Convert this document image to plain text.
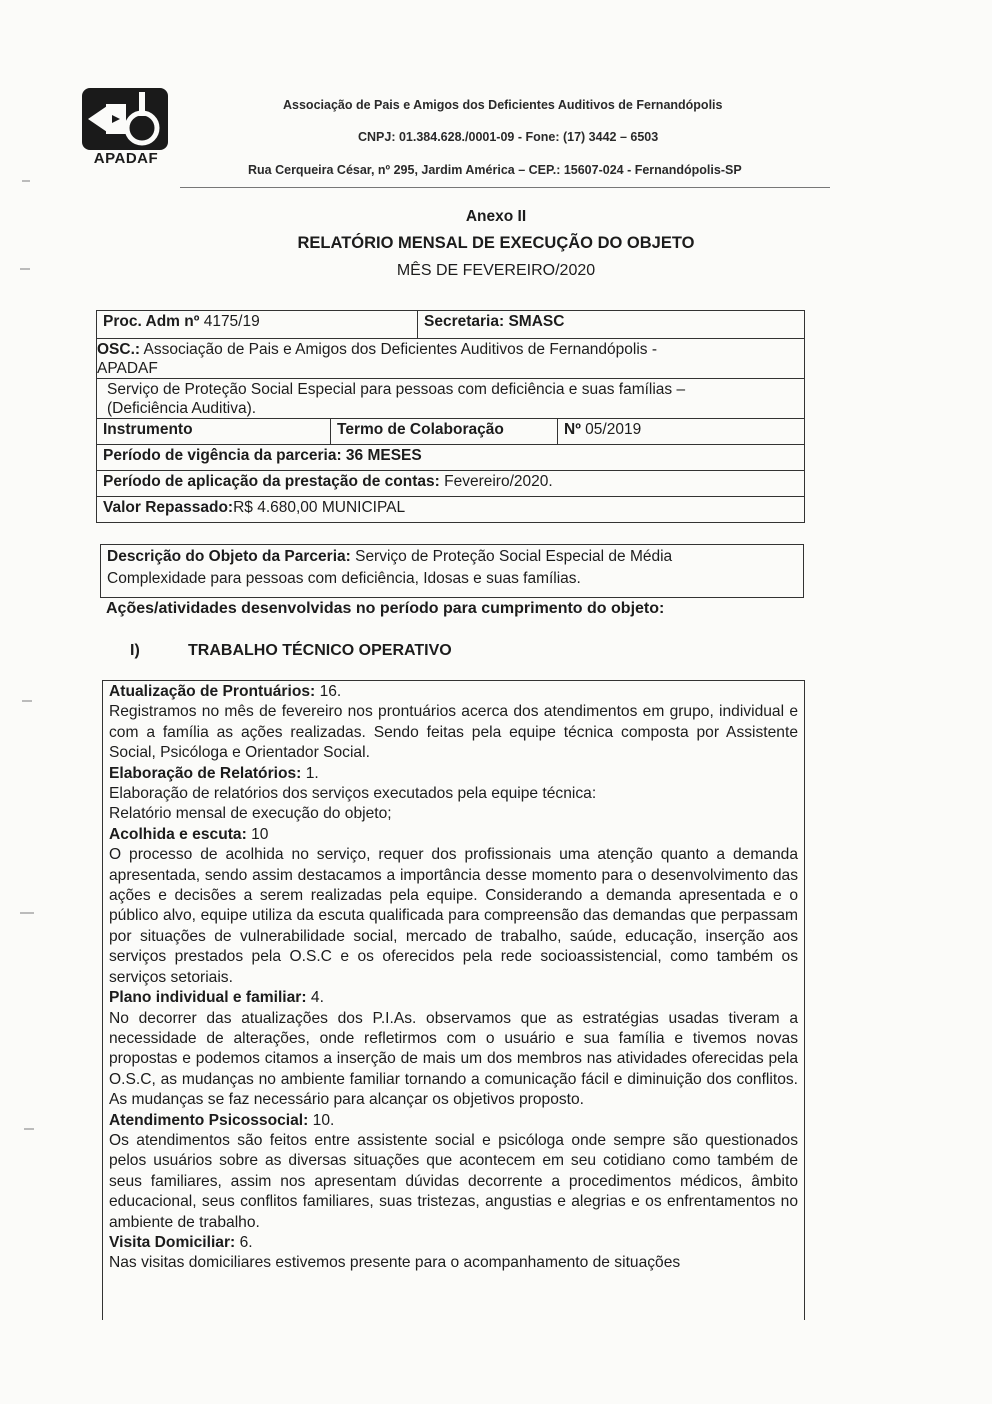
APADAF
Associação de Pais e Amigos dos Deficientes Auditivos de Fernandópolis
CNPJ: 01.384.628./0001-09 - Fone: (17) 3442 – 6503
Rua Cerqueira César, nº 295, Jardim América – CEP.: 15607-024 - Fernandópolis-SP
Anexo II
RELATÓRIO MENSAL DE EXECUÇÃO DO OBJETO
MÊS DE FEVEREIRO/2020
Proc. Adm nº 4175/19	Secretaria: SMASC
OSC.: Associação de Pais e Amigos dos Deficientes Auditivos de Fernandópolis -
APADAF
Serviço de Proteção Social Especial para pessoas com deficiência e suas famílias –
(Deficiência Auditiva).
Instrumento	Termo de Colaboração	Nº 05/2019
Período de vigência da parceria: 36 MESES
Período de aplicação da prestação de contas: Fevereiro/2020.
Valor Repassado:R$ 4.680,00 MUNICIPAL
Descrição do Objeto da Parceria: Serviço de Proteção Social Especial de Média
Complexidade para pessoas com deficiência, Idosas e suas famílias.
Ações/atividades desenvolvidas no período para cumprimento do objeto:
I)	TRABALHO TÉCNICO OPERATIVO

Atualização de Prontuários: 16.

Registramos no mês de fevereiro nos prontuários acerca dos atendimentos em grupo, individual e com a família as ações realizadas. Sendo feitas pela equipe técnica composta por Assistente Social, Psicóloga e Orientador Social.

Elaboração de Relatórios: 1.

Elaboração de relatórios dos serviços executados pela equipe técnica:

Relatório mensal de execução do objeto;

Acolhida e escuta: 10

O processo de acolhida no serviço, requer dos profissionais uma atenção quanto a demanda apresentada, sendo assim destacamos a importância desse momento para o desenvolvimento das ações e decisões a serem realizadas pela equipe. Considerando a demanda apresentada e o público alvo, equipe utiliza da escuta qualificada para compreensão das demandas que perpassam por situações de vulnerabilidade social, mercado de trabalho, saúde, educação, inserção aos serviços prestados pela O.S.C e os oferecidos pela rede socioassistencial, como também os serviços setoriais.

Plano individual e familiar: 4.

No decorrer das atualizações dos P.I.As. observamos que as estratégias usadas tiveram a necessidade de alterações, onde refletirmos com o usuário e sua família e tivemos novas propostas e podemos citamos a inserção de mais um dos membros nas atividades oferecidas pela O.S.C, as mudanças no ambiente familiar tornando a comunicação fácil e diminuição dos conflitos. As mudanças se faz necessário para alcançar os objetivos proposto.

Atendimento Psicossocial: 10.

Os atendimentos são feitos entre assistente social e psicóloga onde sempre são questionados pelos usuários sobre as diversas situações que acontecem em seu cotidiano como também de seus familiares, assim nos apresentam dúvidas decorrente a procedimentos médicos, âmbito educacional, seus conflitos familiares, suas tristezas, angustias e alegrias e os enfrentamentos no ambiente de trabalho.

Visita Domiciliar: 6.

Nas visitas domiciliares estivemos presente para o acompanhamento de situações
